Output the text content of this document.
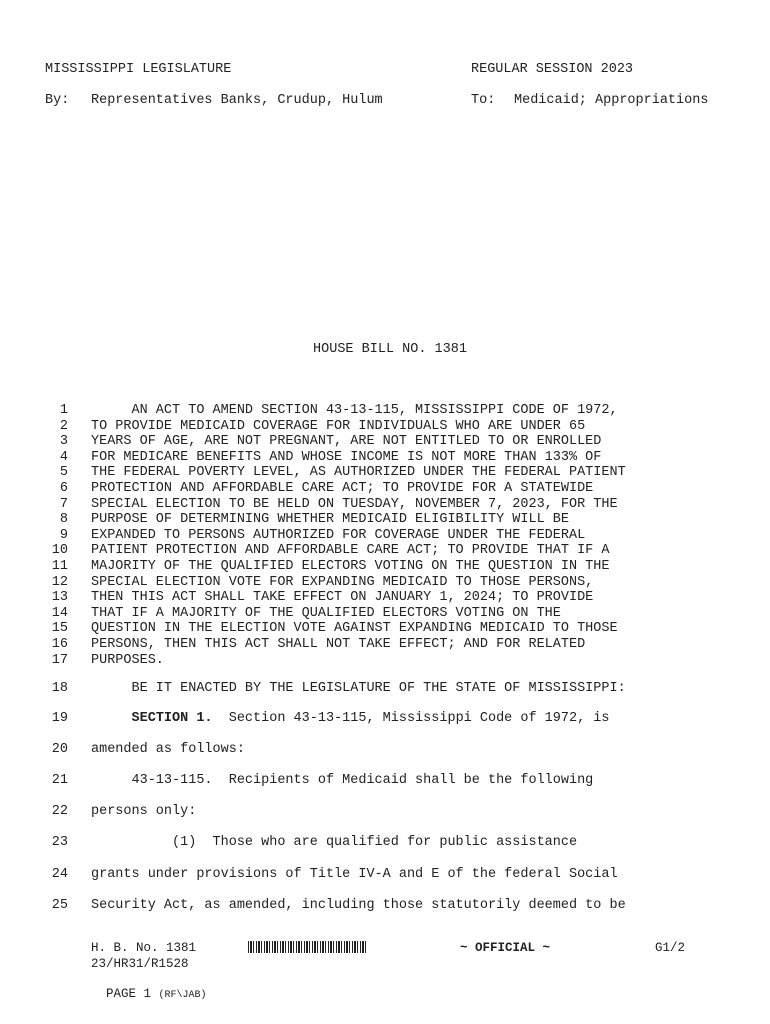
MISSISSIPPI LEGISLATURE	REGULAR SESSION 2023
By: Representatives Banks, Crudup, Hulum	To: Medicaid; Appropriations
HOUSE BILL NO. 1381
1 AN ACT TO AMEND SECTION 43-13-115, MISSISSIPPI CODE OF 1972,
2 TO PROVIDE MEDICAID COVERAGE FOR INDIVIDUALS WHO ARE UNDER 65
3 YEARS OF AGE, ARE NOT PREGNANT, ARE NOT ENTITLED TO OR ENROLLED
4 FOR MEDICARE BENEFITS AND WHOSE INCOME IS NOT MORE THAN 133% OF
5 THE FEDERAL POVERTY LEVEL, AS AUTHORIZED UNDER THE FEDERAL PATIENT
6 PROTECTION AND AFFORDABLE CARE ACT; TO PROVIDE FOR A STATEWIDE
7 SPECIAL ELECTION TO BE HELD ON TUESDAY, NOVEMBER 7, 2023, FOR THE
8 PURPOSE OF DETERMINING WHETHER MEDICAID ELIGIBILITY WILL BE
9 EXPANDED TO PERSONS AUTHORIZED FOR COVERAGE UNDER THE FEDERAL
10 PATIENT PROTECTION AND AFFORDABLE CARE ACT; TO PROVIDE THAT IF A
11 MAJORITY OF THE QUALIFIED ELECTORS VOTING ON THE QUESTION IN THE
12 SPECIAL ELECTION VOTE FOR EXPANDING MEDICAID TO THOSE PERSONS,
13 THEN THIS ACT SHALL TAKE EFFECT ON JANUARY 1, 2024; TO PROVIDE
14 THAT IF A MAJORITY OF THE QUALIFIED ELECTORS VOTING ON THE
15 QUESTION IN THE ELECTION VOTE AGAINST EXPANDING MEDICAID TO THOSE
16 PERSONS, THEN THIS ACT SHALL NOT TAKE EFFECT; AND FOR RELATED
17 PURPOSES.
18 BE IT ENACTED BY THE LEGISLATURE OF THE STATE OF MISSISSIPPI:
19	SECTION 1.  Section 43-13-115, Mississippi Code of 1972, is
20 amended as follows:
21 43-13-115.  Recipients of Medicaid shall be the following
22 persons only:
23 (1)  Those who are qualified for public assistance
24 grants under provisions of Title IV-A and E of the federal Social
25 Security Act, as amended, including those statutorily deemed to be
H. B. No. 1381	~ OFFICIAL ~	G1/2
23/HR31/R1528

PAGE 1 (RF\JAB)
